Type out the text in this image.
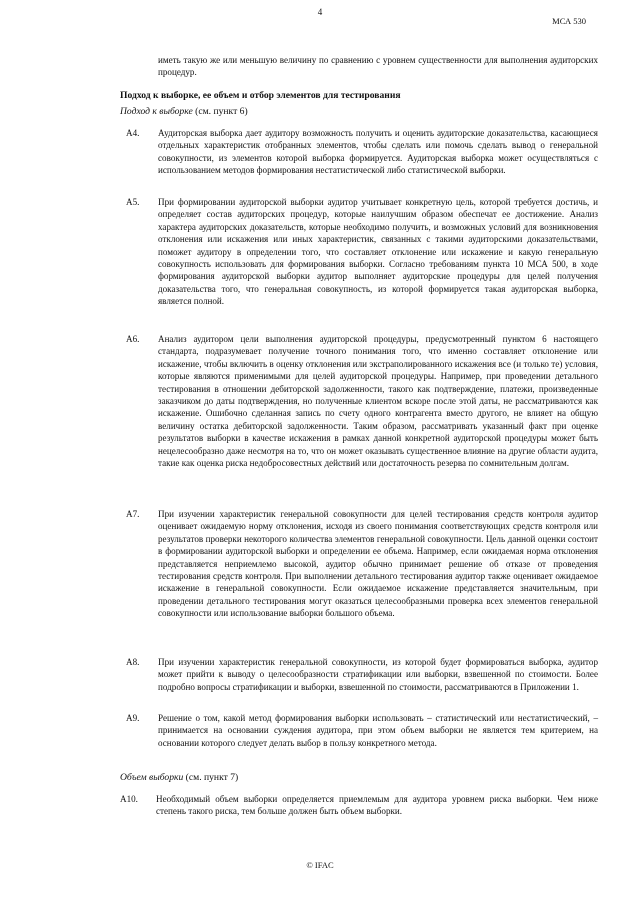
4
МСА 530

иметь такую же или меньшую величину по сравнению с уровнем существенности для выполнения аудиторских процедур.

Подход к выборке, ее объем и отбор элементов для тестирования
Подход к выборке (см. пункт 6)
A4.	Аудиторская выборка дает аудитору возможность получить и оценить аудиторские доказательства, касающиеся отдельных характеристик отобранных элементов, чтобы сделать или помочь сделать вывод о генеральной совокупности, из элементов которой выборка формируется. Аудиторская выборка может осуществляться с использованием методов формирования нестатистической либо статистической выборки.
A5.	При формировании аудиторской выборки аудитор учитывает конкретную цель, которой требуется достичь, и определяет состав аудиторских процедур, которые наилучшим образом обеспечат ее достижение. Анализ характера аудиторских доказательств, которые необходимо получить, и возможных условий для возникновения отклонения или искажения или иных характеристик, связанных с такими аудиторскими доказательствами, поможет аудитору в определении того, что составляет отклонение или искажение и какую генеральную совокупность использовать для формирования выборки. Согласно требованиям пункта 10 МСА 500, в ходе формирования аудиторской выборки аудитор выполняет аудиторские процедуры для целей получения доказательства того, что генеральная совокупность, из которой формируется такая аудиторская выборка, является полной.
A6.	Анализ аудитором цели выполнения аудиторской процедуры, предусмотренный пунктом 6 настоящего стандарта, подразумевает получение точного понимания того, что именно составляет отклонение или искажение, чтобы включить в оценку отклонения или экстраполированного искажения все (и только те) условия, которые являются применимыми для целей аудиторской процедуры. Например, при проведении детального тестирования в отношении дебиторской задолженности, такого как подтверждение, платежи, произведенные заказчиком до даты подтверждения, но полученные клиентом вскоре после этой даты, не рассматриваются как искажение. Ошибочно сделанная запись по счету одного контрагента вместо другого, не влияет на общую величину остатка дебиторской задолженности. Таким образом, рассматривать указанный факт при оценке результатов выборки в качестве искажения в рамках данной конкретной аудиторской процедуры может быть нецелесообразно даже несмотря на то, что он может оказывать существенное влияние на другие области аудита, такие как оценка риска недобросовестных действий или достаточность резерва по сомнительным долгам.
A7.	При изучении характеристик генеральной совокупности для целей тестирования средств контроля аудитор оценивает ожидаемую норму отклонения, исходя из своего понимания соответствующих средств контроля или результатов проверки некоторого количества элементов генеральной совокупности. Цель данной оценки состоит в формировании аудиторской выборки и определении ее объема. Например, если ожидаемая норма отклонения представляется неприемлемо высокой, аудитор обычно принимает решение об отказе от проведения тестирования средств контроля. При выполнении детального тестирования аудитор также оценивает ожидаемое искажение в генеральной совокупности. Если ожидаемое искажение представляется значительным, при проведении детального тестирования могут оказаться целесообразными проверка всех элементов генеральной совокупности или использование выборки большого объема.
A8.	При изучении характеристик генеральной совокупности, из которой будет формироваться выборка, аудитор может прийти к выводу о целесообразности стратификации или выборки, взвешенной по стоимости. Более подробно вопросы стратификации и выборки, взвешенной по стоимости, рассматриваются в Приложении 1.
A9.	Решение о том, какой метод формирования выборки использовать – статистический или нестатистический, – принимается на основании суждения аудитора, при этом объем выборки не является тем критерием, на основании которого следует делать выбор в пользу конкретного метода.
Объем выборки (см. пункт 7)
A10.	Необходимый объем выборки определяется приемлемым для аудитора уровнем риска выборки. Чем ниже степень такого риска, тем больше должен быть объем выборки.
© IFAC
